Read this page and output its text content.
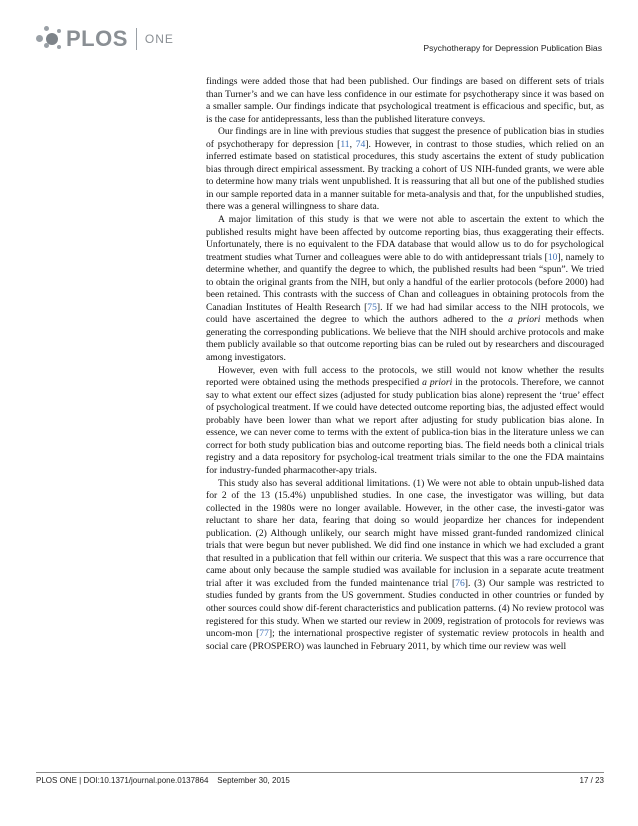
PLOS ONE
Psychotherapy for Depression Publication Bias

findings were added those that had been published. Our findings are based on different sets of trials than Turner’s and we can have less confidence in our estimate for psychotherapy since it was based on a smaller sample. Our findings indicate that psychological treatment is efficacious and specific, but, as is the case for antidepressants, less than the published literature conveys.

Our findings are in line with previous studies that suggest the presence of publication bias in studies of psychotherapy for depression [11, 74]. However, in contrast to those studies, which relied on an inferred estimate based on statistical procedures, this study ascertains the extent of study publication bias through direct empirical assessment. By tracking a cohort of US NIH-funded grants, we were able to determine how many trials went unpublished. It is reassuring that all but one of the published studies in our sample reported data in a manner suitable for meta-analysis and that, for the unpublished studies, there was a general willingness to share data.

A major limitation of this study is that we were not able to ascertain the extent to which the published results might have been affected by outcome reporting bias, thus exaggerating their effects. Unfortunately, there is no equivalent to the FDA database that would allow us to do for psychological treatment studies what Turner and colleagues were able to do with antidepressant trials [10], namely to determine whether, and quantify the degree to which, the published results had been “spun”. We tried to obtain the original grants from the NIH, but only a handful of the earlier protocols (before 2000) had been retained. This contrasts with the success of Chan and colleagues in obtaining protocols from the Canadian Institutes of Health Research [75]. If we had had similar access to the NIH protocols, we could have ascertained the degree to which the authors adhered to the a priori methods when generating the corresponding publications. We believe that the NIH should archive protocols and make them publicly available so that outcome reporting bias can be ruled out by researchers and discouraged among investigators.

However, even with full access to the protocols, we still would not know whether the results reported were obtained using the methods prespecified a priori in the protocols. Therefore, we cannot say to what extent our effect sizes (adjusted for study publication bias alone) represent the ‘true’ effect of psychological treatment. If we could have detected outcome reporting bias, the adjusted effect would probably have been lower than what we report after adjusting for study publication bias alone. In essence, we can never come to terms with the extent of publica-tion bias in the literature unless we can correct for both study publication bias and outcome reporting bias. The field needs both a clinical trials registry and a data repository for psycholog-ical treatment trials similar to the one the FDA maintains for industry-funded pharmacother-apy trials.

This study also has several additional limitations. (1) We were not able to obtain unpub-lished data for 2 of the 13 (15.4%) unpublished studies. In one case, the investigator was willing, but data collected in the 1980s were no longer available. However, in the other case, the investi-gator was reluctant to share her data, fearing that doing so would jeopardize her chances for independent publication. (2) Although unlikely, our search might have missed grant-funded randomized clinical trials that were begun but never published. We did find one instance in which we had excluded a grant that resulted in a publication that fell within our criteria. We suspect that this was a rare occurrence that came about only because the sample studied was available for inclusion in a separate acute treatment trial after it was excluded from the funded maintenance trial [76]. (3) Our sample was restricted to studies funded by grants from the US government. Studies conducted in other countries or funded by other sources could show dif-ferent characteristics and publication patterns. (4) No review protocol was registered for this study. When we started our review in 2009, registration of protocols for reviews was uncom-mon [77]; the international prospective register of systematic review protocols in health and social care (PROSPERO) was launched in February 2011, by which time our review was well

PLOS ONE | DOI:10.1371/journal.pone.0137864    September 30, 2015	17 / 23
